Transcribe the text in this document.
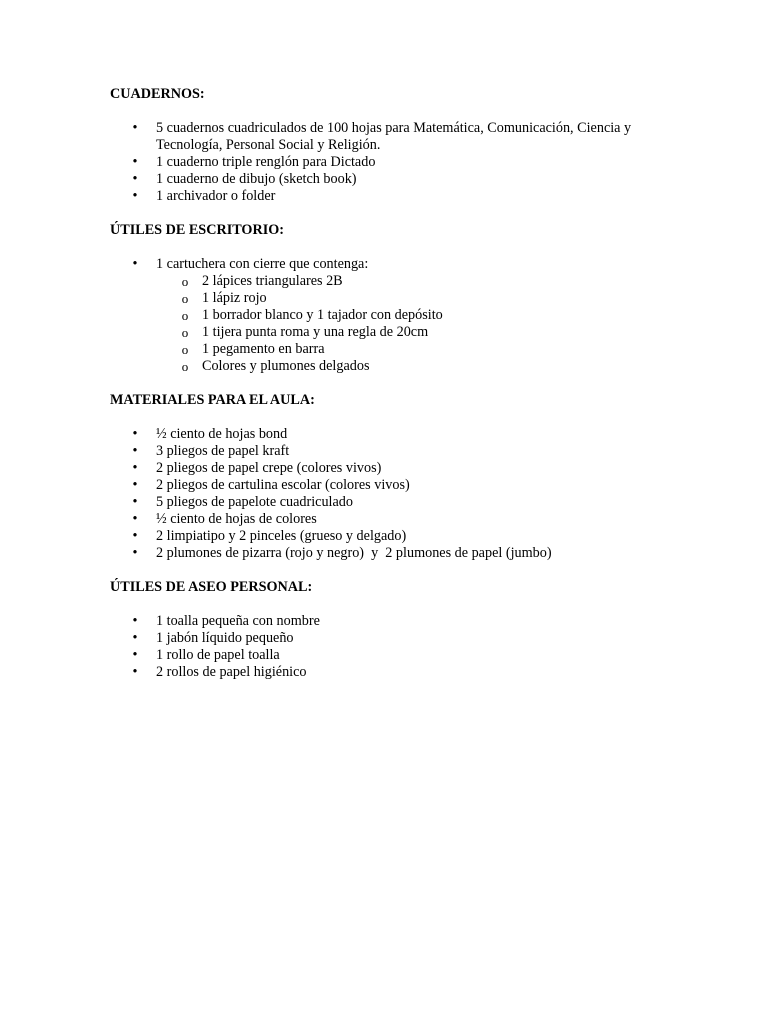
CUADERNOS:
• 5 cuadernos cuadriculados de 100 hojas para Matemática, Comunicación, Ciencia y Tecnología, Personal Social y Religión.
• 1 cuaderno triple renglón para Dictado
• 1 cuaderno de dibujo (sketch book)
• 1 archivador o folder
ÚTILES DE ESCRITORIO:
• 1 cartuchera con cierre que contenga:
o 2 lápices triangulares 2B
o 1 lápiz rojo
o 1 borrador blanco y 1 tajador con depósito
o 1 tijera punta roma y una regla de 20cm
o 1 pegamento en barra
o Colores y plumones delgados
MATERIALES PARA EL AULA:
• ½ ciento de hojas bond
• 3 pliegos de papel kraft
• 2 pliegos de papel crepe (colores vivos)
• 2 pliegos de cartulina escolar (colores vivos)
• 5 pliegos de papelote cuadriculado
• ½ ciento de hojas de colores
• 2 limpiatipo y 2 pinceles (grueso y delgado)
• 2 plumones de pizarra (rojo y negro)  y  2 plumones de papel (jumbo)
ÚTILES DE ASEO PERSONAL:
• 1 toalla pequeña con nombre
• 1 jabón líquido pequeño
• 1 rollo de papel toalla
• 2 rollos de papel higiénico
